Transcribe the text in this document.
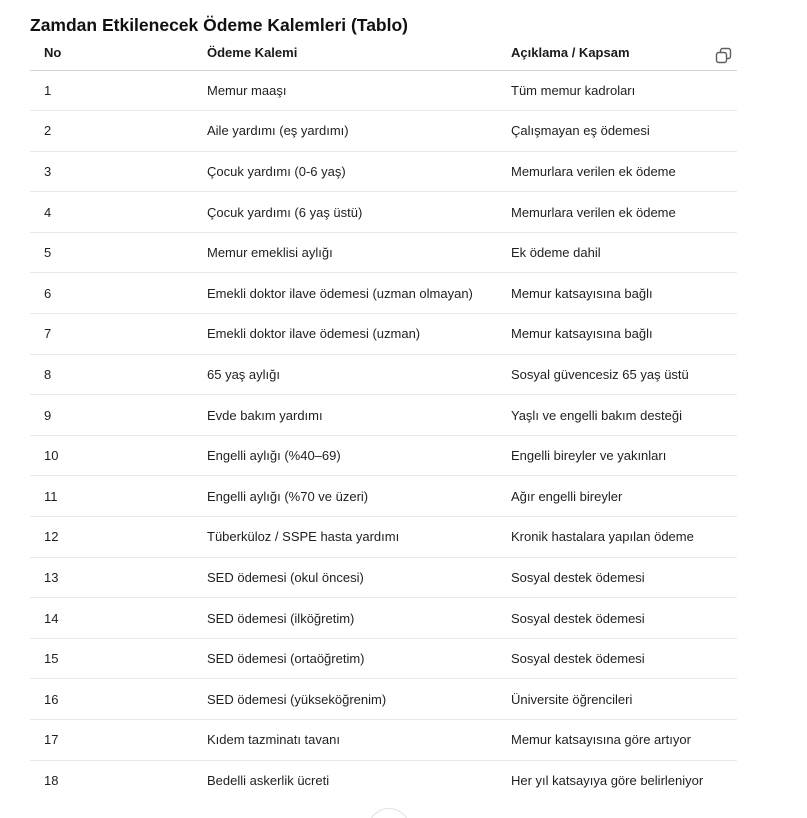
Zamdan Etkilenecek Ödeme Kalemleri (Tablo)
No	Ödeme Kalemi	Açıklama / Kapsam
1	Memur maaşı	Tüm memur kadroları
2	Aile yardımı (eş yardımı)	Çalışmayan eş ödemesi
3	Çocuk yardımı (0-6 yaş)	Memurlara verilen ek ödeme
4	Çocuk yardımı (6 yaş üstü)	Memurlara verilen ek ödeme
5	Memur emeklisi aylığı	Ek ödeme dahil
6	Emekli doktor ilave ödemesi (uzman olmayan)	Memur katsayısına bağlı
7	Emekli doktor ilave ödemesi (uzman)	Memur katsayısına bağlı
8	65 yaş aylığı	Sosyal güvencesiz 65 yaş üstü
9	Evde bakım yardımı	Yaşlı ve engelli bakım desteği
10	Engelli aylığı (%40–69)	Engelli bireyler ve yakınları
11	Engelli aylığı (%70 ve üzeri)	Ağır engelli bireyler
12	Tüberküloz / SSPE hasta yardımı	Kronik hastalara yapılan ödeme
13	SED ödemesi (okul öncesi)	Sosyal destek ödemesi
14	SED ödemesi (ilköğretim)	Sosyal destek ödemesi
15	SED ödemesi (ortaöğretim)	Sosyal destek ödemesi
16	SED ödemesi (yükseköğrenim)	Üniversite öğrencileri
17	Kıdem tazminatı tavanı	Memur katsayısına göre artıyor
18	Bedelli askerlik ücreti	Her yıl katsayıya göre belirleniyor
